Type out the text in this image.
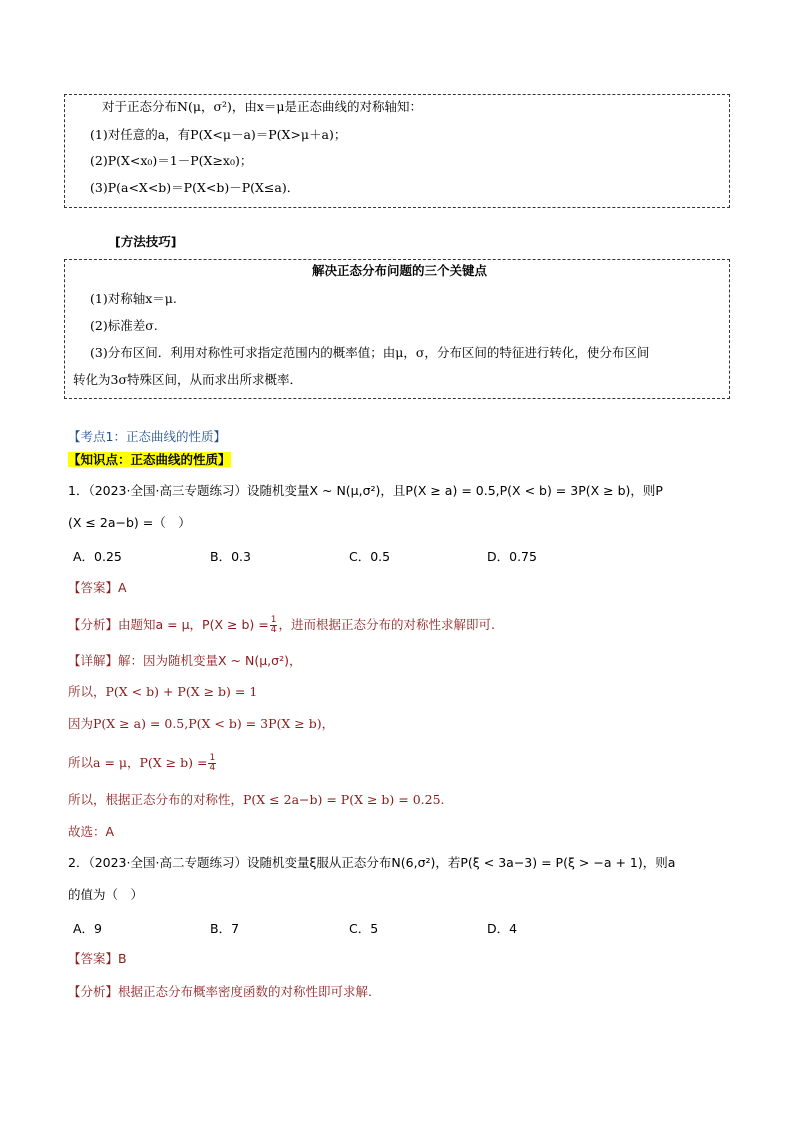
对于正态分布N(μ，σ²)，由x＝μ是正态曲线的对称轴知：
(1)对任意的a，有P(X<μ－a)＝P(X>μ＋a)；
(2)P(X<x₀)＝1－P(X≥x₀)；
(3)P(a<X<b)＝P(X<b)－P(X≤a)．
[方法技巧]
解决正态分布问题的三个关键点
(1)对称轴x＝μ.
(2)标准差σ.
(3)分布区间．利用对称性可求指定范围内的概率值；由μ，σ，分布区间的特征进行转化，使分布区间
转化为3σ特殊区间，从而求出所求概率．
【考点1：正态曲线的性质】
【知识点：正态曲线的性质】
1．（2023·全国·高三专题练习）设随机变量X ~ N(μ,σ²)，且P(X ≥ a) = 0.5,P(X < b) = 3P(X ≥ b)，则P
(X ≤ 2a−b) =（　）
A．0.25	B．0.3	C．0.5	D．0.75
【答案】A
【分析】由题知a = μ，$P(X \ge b) = \frac{1}{4}$ ，进而根据正态分布的对称性求解即可.
【详解】解：因为随机变量X ~ N(μ,σ²)，
所以，P(X < b) + P(X ≥ b) = 1
因为P(X ≥ a) = 0.5,P(X < b) = 3P(X ≥ b)，
所以a = μ，$P(X \ge b) = \frac{1}{4}$
所以，根据正态分布的对称性，P(X ≤ 2a−b) = P(X ≥ b) = 0.25.
故选：A
2．（2023·全国·高二专题练习）设随机变量ξ服从正态分布N(6,σ²)，若P(ξ < 3a−3) = P(ξ > −a + 1)，则a
的值为（　）
A．9	B．7	C．5	D．4
【答案】B
【分析】根据正态分布概率密度函数的对称性即可求解.
